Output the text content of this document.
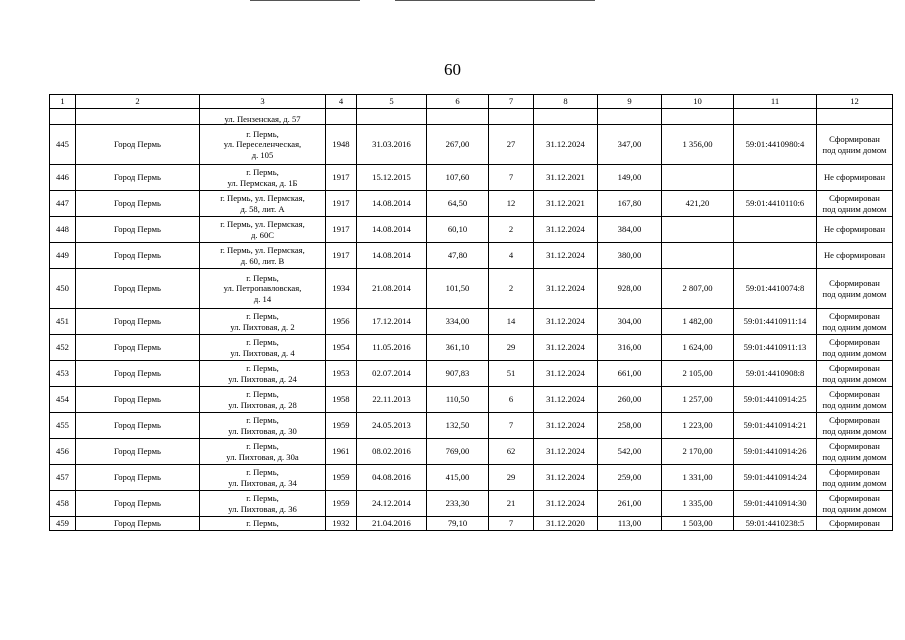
60
1	2	3	4	5	6	7	8	9	10	11	12
		ул. Пензенская, д. 57									
445	Город Пермь	г. Пермь,
ул. Переселенческая,
д. 105	1948	31.03.2016	267,00	27	31.12.2024	347,00	1 356,00	59:01:4410980:4	Сформирован
под одним домом
446	Город Пермь	г. Пермь,
ул. Пермская, д. 1Б	1917	15.12.2015	107,60	7	31.12.2021	149,00			Не сформирован
447	Город Пермь	г. Пермь, ул. Пермская,
д. 58, лит. А	1917	14.08.2014	64,50	12	31.12.2021	167,80	421,20	59:01:4410110:6	Сформирован
под одним домом
448	Город Пермь	г. Пермь, ул. Пермская,
д. 60С	1917	14.08.2014	60,10	2	31.12.2024	384,00			Не сформирован
449	Город Пермь	г. Пермь, ул. Пермская,
д. 60, лит. В	1917	14.08.2014	47,80	4	31.12.2024	380,00			Не сформирован
450	Город Пермь	г. Пермь,
ул. Петропавловская,
д. 14	1934	21.08.2014	101,50	2	31.12.2024	928,00	2 807,00	59:01:4410074:8	Сформирован
под одним домом
451	Город Пермь	г. Пермь,
ул. Пихтовая, д. 2	1956	17.12.2014	334,00	14	31.12.2024	304,00	1 482,00	59:01:4410911:14	Сформирован
под одним домом
452	Город Пермь	г. Пермь,
ул. Пихтовая, д. 4	1954	11.05.2016	361,10	29	31.12.2024	316,00	1 624,00	59:01:4410911:13	Сформирован
под одним домом
453	Город Пермь	г. Пермь,
ул. Пихтовая, д. 24	1953	02.07.2014	907,83	51	31.12.2024	661,00	2 105,00	59:01:4410908:8	Сформирован
под одним домом
454	Город Пермь	г. Пермь,
ул. Пихтовая, д. 28	1958	22.11.2013	110,50	6	31.12.2024	260,00	1 257,00	59:01:4410914:25	Сформирован
под одним домом
455	Город Пермь	г. Пермь,
ул. Пихтовая, д. 30	1959	24.05.2013	132,50	7	31.12.2024	258,00	1 223,00	59:01:4410914:21	Сформирован
под одним домом
456	Город Пермь	г. Пермь,
ул. Пихтовая, д. 30а	1961	08.02.2016	769,00	62	31.12.2024	542,00	2 170,00	59:01:4410914:26	Сформирован
под одним домом
457	Город Пермь	г. Пермь,
ул. Пихтовая, д. 34	1959	04.08.2016	415,00	29	31.12.2024	259,00	1 331,00	59:01:4410914:24	Сформирован
под одним домом
458	Город Пермь	г. Пермь,
ул. Пихтовая, д. 36	1959	24.12.2014	233,30	21	31.12.2024	261,00	1 335,00	59:01:4410914:30	Сформирован
под одним домом
459	Город Пермь	г. Пермь,	1932	21.04.2016	79,10	7	31.12.2020	113,00	1 503,00	59:01:4410238:5	Сформирован
